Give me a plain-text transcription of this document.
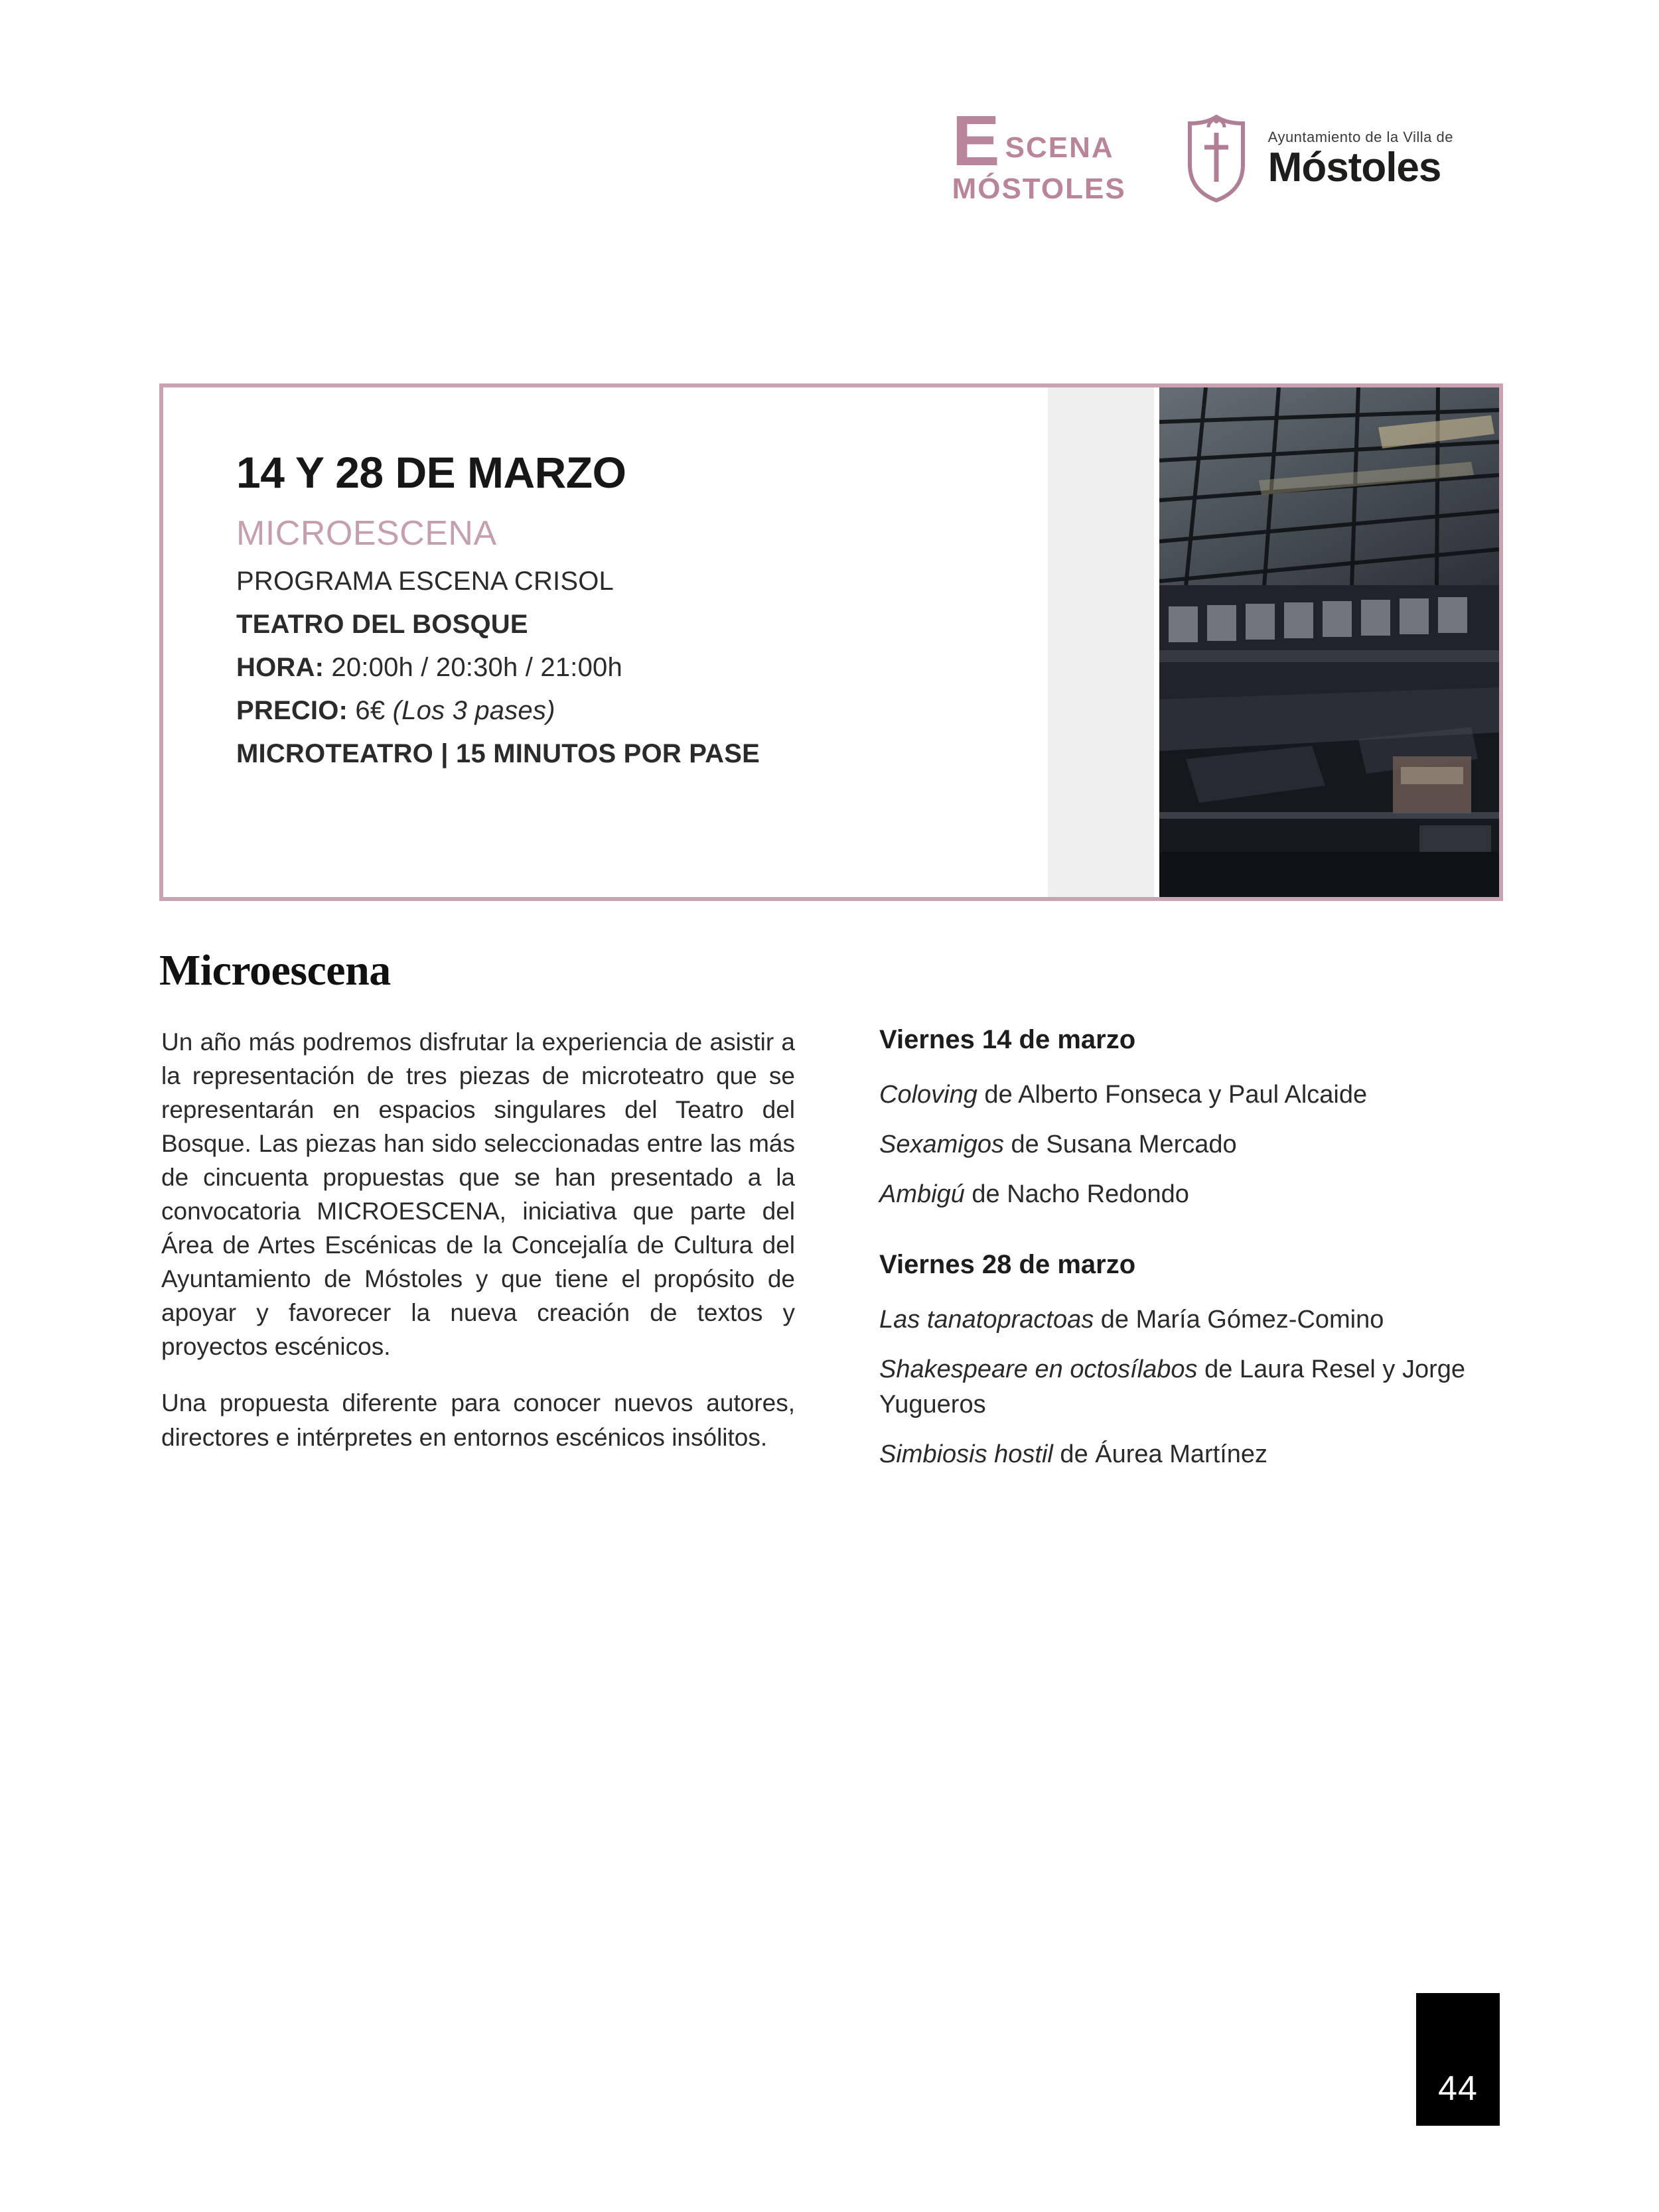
E SCENA
MÓSTOLES
Ayuntamiento de la Villa de
Móstoles
14 Y 28 DE MARZO
MICROESCENA
PROGRAMA ESCENA CRISOL
TEATRO DEL BOSQUE
HORA: 20:00h / 20:30h / 21:00h
PRECIO: 6€ (Los 3 pases)
MICROTEATRO | 15 MINUTOS POR PASE
Microescena

Un año más podremos disfrutar la experiencia de asistir a la representación de tres piezas de microteatro que se representarán en espacios singulares del Teatro del Bosque. Las piezas han sido seleccionadas entre las más de cincuenta propuestas que se han presentado a la convocatoria MICROESCENA, iniciativa que parte del Área de Artes Escénicas de la Concejalía de Cultura del Ayuntamiento de Móstoles y que tiene el propósito de apoyar y favorecer la nueva creación de textos y proyectos escénicos.

Una propuesta diferente para conocer nuevos autores, directores e intérpretes en entornos escénicos insólitos.

Viernes 14 de marzo
Coloving de Alberto Fonseca y Paul Alcaide
Sexamigos de Susana Mercado
Ambigú de Nacho Redondo
Viernes 28 de marzo
Las tanatopractoas de María Gómez-Comino
Shakespeare en octosílabos de Laura Resel y Jorge Yugueros
Simbiosis hostil de Áurea Martínez
44
